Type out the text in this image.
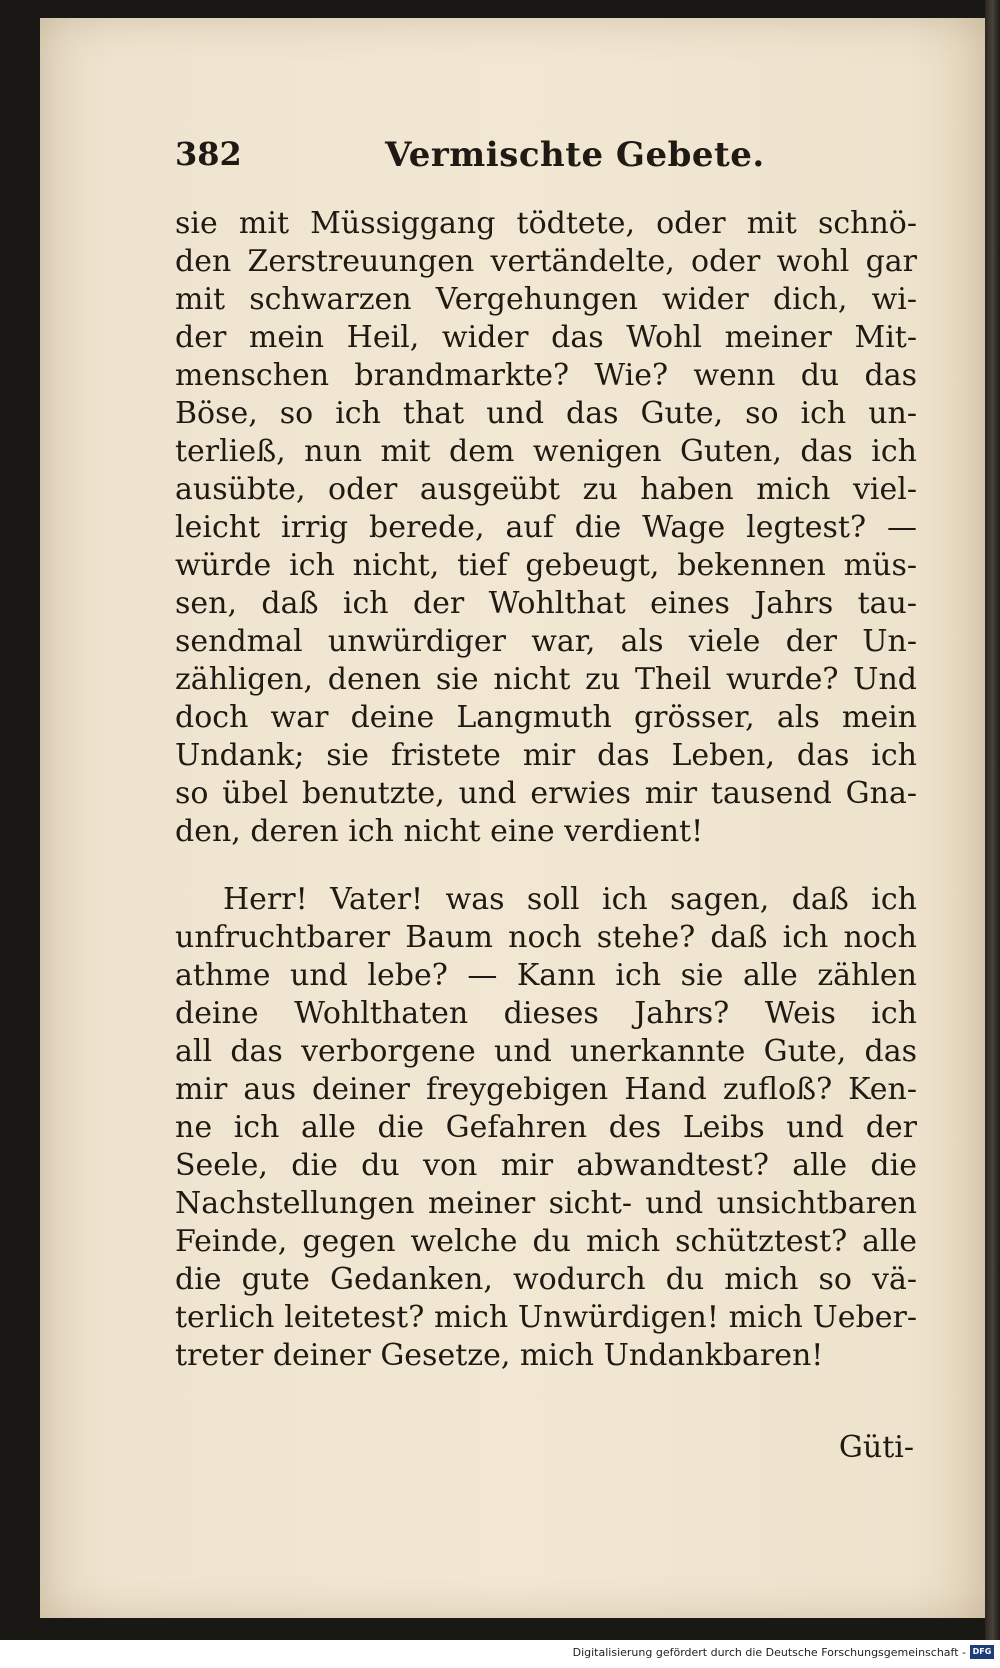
382	Vermischte Gebete.
sie mit Müssiggang tödtete, oder mit schnö-
den Zerstreuungen vertändelte, oder wohl gar
mit schwarzen Vergehungen wider dich, wi-
der mein Heil, wider das Wohl meiner Mit-
menschen brandmarkte? Wie? wenn du das
Böse, so ich that und das Gute, so ich un-
terließ, nun mit dem wenigen Guten, das ich
ausübte, oder ausgeübt zu haben mich viel-
leicht irrig berede, auf die Wage legtest? —
würde ich nicht, tief gebeugt, bekennen müs-
sen, daß ich der Wohlthat eines Jahrs tau-
sendmal unwürdiger war, als viele der Un-
zähligen, denen sie nicht zu Theil wurde? Und
doch war deine Langmuth grösser, als mein
Undank; sie fristete mir das Leben, das ich
so übel benutzte, und erwies mir tausend Gna-
den, deren ich nicht eine verdient!
Herr! Vater! was soll ich sagen, daß ich
unfruchtbarer Baum noch stehe? daß ich noch
athme und lebe? — Kann ich sie alle zählen
deine Wohlthaten dieses Jahrs? Weis ich
all das verborgene und unerkannte Gute, das
mir aus deiner freygebigen Hand zufloß? Ken-
ne ich alle die Gefahren des Leibs und der
Seele, die du von mir abwandtest? alle die
Nachstellungen meiner sicht- und unsichtbaren
Feinde, gegen welche du mich schütztest? alle
die gute Gedanken, wodurch du mich so vä-
terlich leitetest? mich Unwürdigen! mich Ueber-
treter deiner Gesetze, mich Undankbaren!
Güti-
Digitalisierung gefördert durch die Deutsche Forschungsgemeinschaft - DFG
